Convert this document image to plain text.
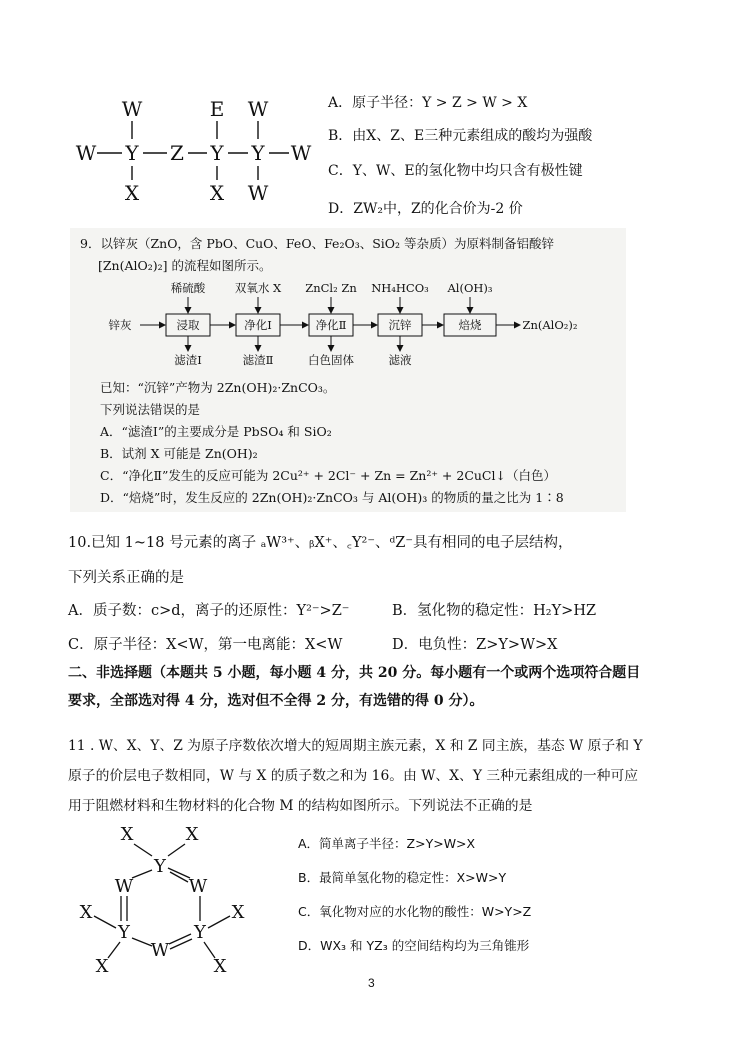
W
W Y
X
Z
E
Y
X
W
Y
W
W
A．原子半径：Y > Z > W > X
B．由X、Z、E三种元素组成的酸均为强酸
C．Y、W、E的氢化物中均只含有极性键
D．ZW₂中，Z的化合价为-2 价
9．以锌灰（ZnO，含 PbO、CuO、FeO、Fe₂O₃、SiO₂ 等杂质）为原料制备铝酸锌
[Zn(AlO₂)₂] 的流程如图所示。
锌灰	Zn(AlO₂)₂
稀硫酸	双氧水 X ZnCl₂ Zn NH₄HCO₃ Al(OH)₃
浸取	净化Ⅰ	净化Ⅱ	沉锌	焙烧
滤渣Ⅰ	滤渣Ⅱ	白色固体	滤液
已知：“沉锌”产物为 2Zn(OH)₂·ZnCO₃。
下列说法错误的是
A．“滤渣Ⅰ”的主要成分是 PbSO₄ 和 SiO₂
B．试剂 X 可能是 Zn(OH)₂
C．“净化Ⅱ”发生的反应可能为 2Cu²⁺ + 2Cl⁻ + Zn = Zn²⁺ + 2CuCl↓（白色）
D．“焙烧”时，发生反应的 2Zn(OH)₂·ZnCO₃ 与 Al(OH)₃ 的物质的量之比为 1∶8
10.已知 1~18 号元素的离子 ₐW³⁺、ᵦX⁺、꜀Y²⁻、ᵈZ⁻具有相同的电子层结构，
下列关系正确的是
A．质子数：c>d，离子的还原性：Y²⁻>Z⁻	B．氢化物的稳定性：H₂Y>HZ
C．原子半径：X<W，第一电离能：X<W	D．电负性：Z>Y>W>X
二、非选择题（本题共 5 小题，每小题 4 分，共 20 分。每小题有一个或两个选项符合题目
要求，全部选对得 4 分，选对但不全得 2 分，有选错的得 0 分）。
11 . W、X、Y、Z 为原子序数依次增大的短周期主族元素，X 和 Z 同主族，基态 W 原子和 Y
原子的价层电子数相同，W 与 X 的质子数之和为 16。由 W、X、Y 三种元素组成的一种可应
用于阻燃材料和生物材料的化合物 M 的结构如图所示。下列说法不正确的是
X	X
Y
W	W
X
Y
W
Y
X
X	X
A．简单离子半径：Z>Y>W>X
B．最简单氢化物的稳定性：X>W>Y
C．氧化物对应的水化物的酸性：W>Y>Z
D．WX₃ 和 YZ₃ 的空间结构均为三角锥形
3
